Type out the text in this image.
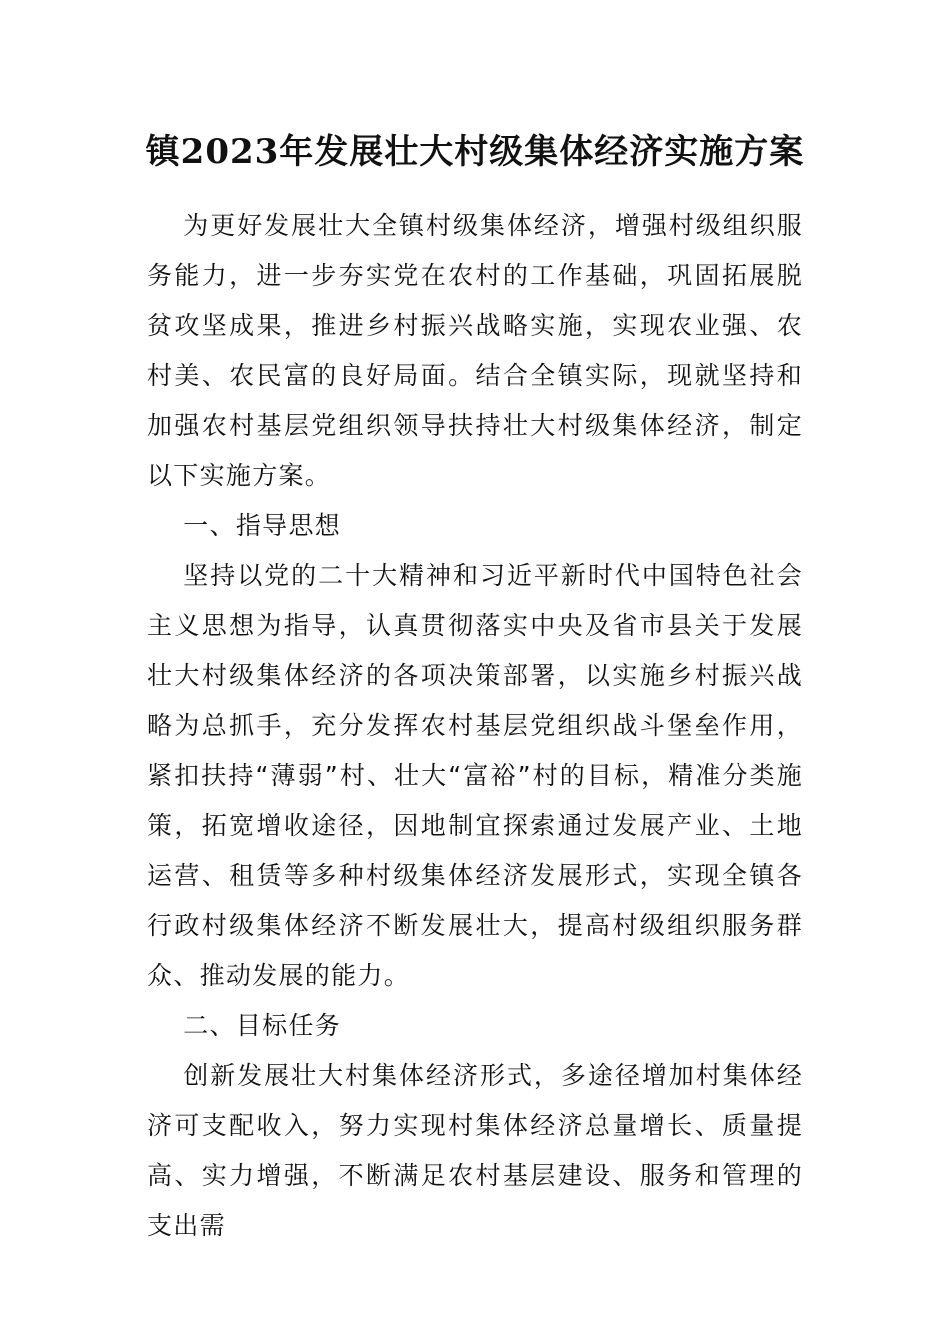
镇2023年发展壮大村级集体经济实施方案

为更好发展壮大全镇村级集体经济，增强村级组织服务能力，进一步夯实党在农村的工作基础，巩固拓展脱贫攻坚成果，推进乡村振兴战略实施，实现农业强、农村美、农民富的良好局面。结合全镇实际，现就坚持和加强农村基层党组织领导扶持壮大村级集体经济，制定以下实施方案。

一、指导思想

坚持以党的二十大精神和习近平新时代中国特色社会主义思想为指导，认真贯彻落实中央及省市县关于发展壮大村级集体经济的各项决策部署，以实施乡村振兴战略为总抓手，充分发挥农村基层党组织战斗堡垒作用，紧扣扶持“薄弱”村、壮大“富裕”村的目标，精准分类施策，拓宽增收途径，因地制宜探索通过发展产业、土地运营、租赁等多种村级集体经济发展形式，实现全镇各行政村级集体经济不断发展壮大，提高村级组织服务群众、推动发展的能力。

二、目标任务

创新发展壮大村集体经济形式，多途径增加村集体经济可支配收入，努力实现村集体经济总量增长、质量提高、实力增强，不断满足农村基层建设、服务和管理的支出需
